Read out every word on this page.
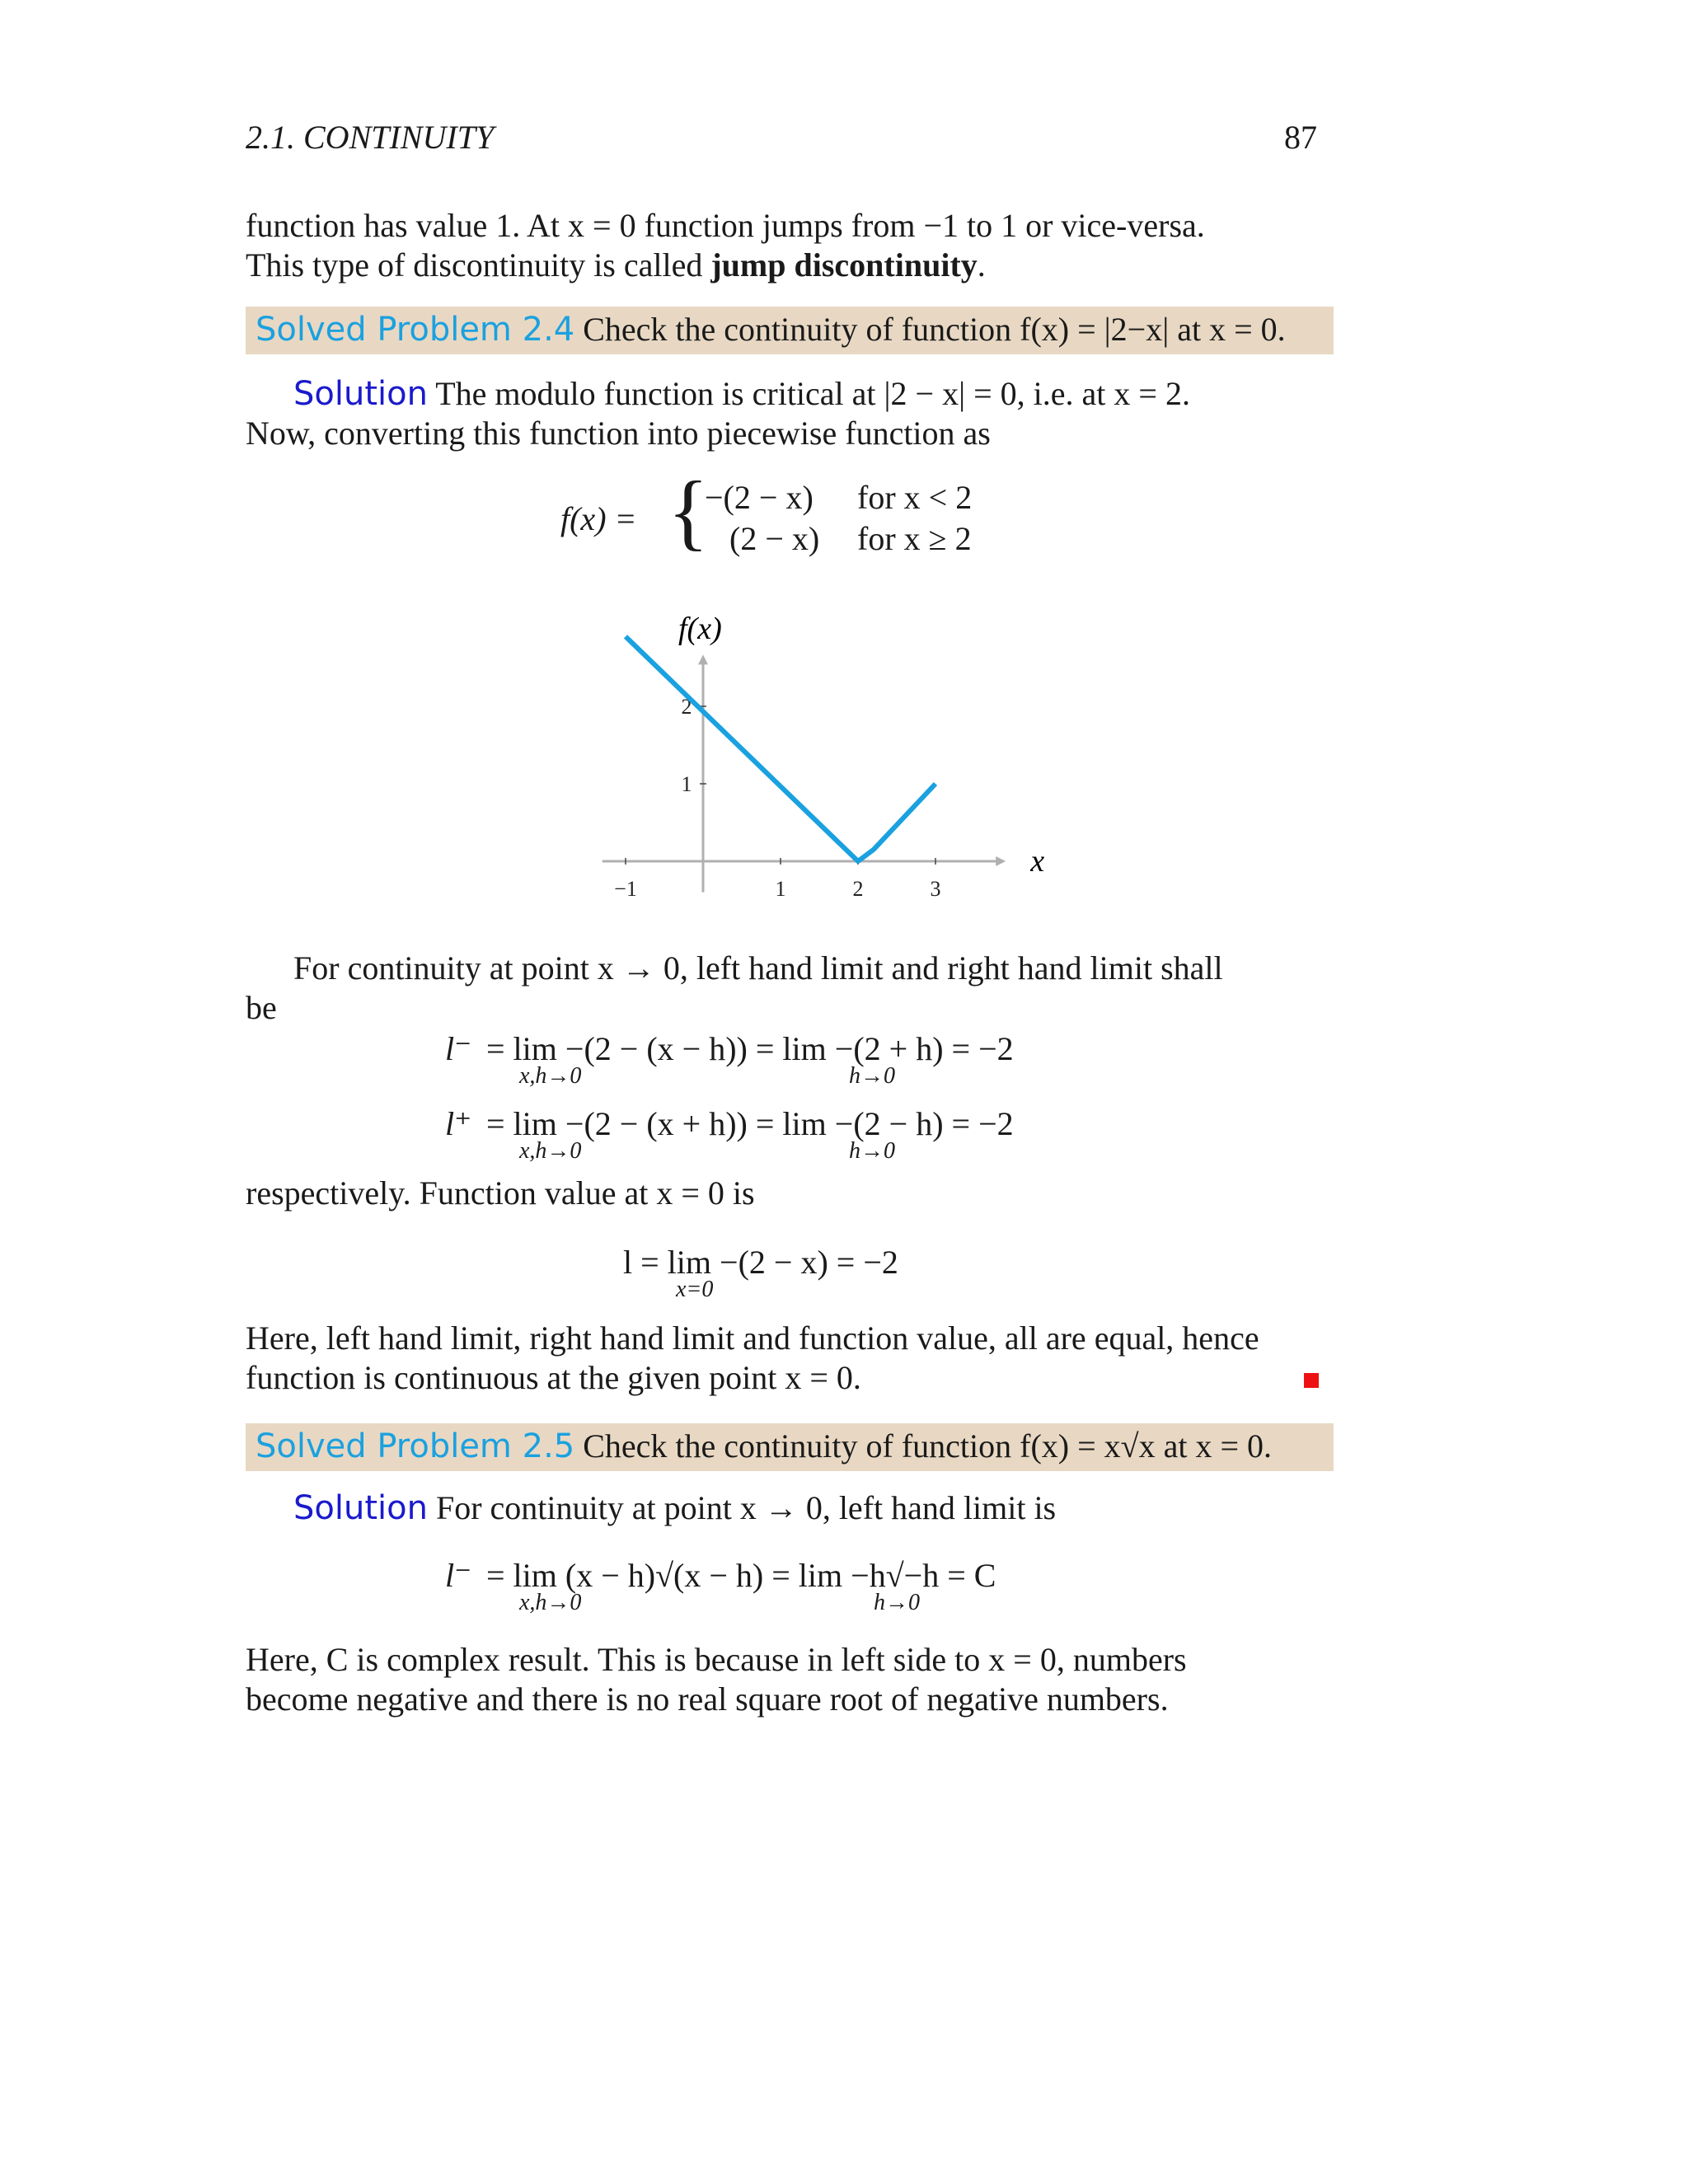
2.1. CONTINUITY	87
function has value 1. At x = 0 function jumps from −1 to 1 or vice-versa.
This type of discontinuity is called jump discontinuity.
Solved Problem 2.4 Check the continuity of function f(x) = |2−x| at x = 0.
Solution The modulo function is critical at |2 − x| = 0, i.e. at x = 2.
Now, converting this function into piecewise function as
f(x) = {
−(2 − x) for x < 2
(2 − x) for x ≥ 2
−1	1	2	3
1
2
x
f(x)
For continuity at point x → 0, left hand limit and right hand limit shall
be
l⁻ = lim −(2 − (x − h)) = lim −(2 + h) = −2
x,h→0	h→0
l⁺ = lim −(2 − (x + h)) = lim −(2 − h) = −2
x,h→0	h→0
respectively. Function value at x = 0 is
l = lim −(2 − x) = −2
x=0
Here, left hand limit, right hand limit and function value, all are equal, hence
function is continuous at the given point x = 0.
Solved Problem 2.5 Check the continuity of function f(x) = x√x at x = 0.
Solution For continuity at point x → 0, left hand limit is
l⁻ = lim (x − h)√(x − h) = lim −h√−h = C
x,h→0	h→0
Here, C is complex result. This is because in left side to x = 0, numbers
become negative and there is no real square root of negative numbers.
